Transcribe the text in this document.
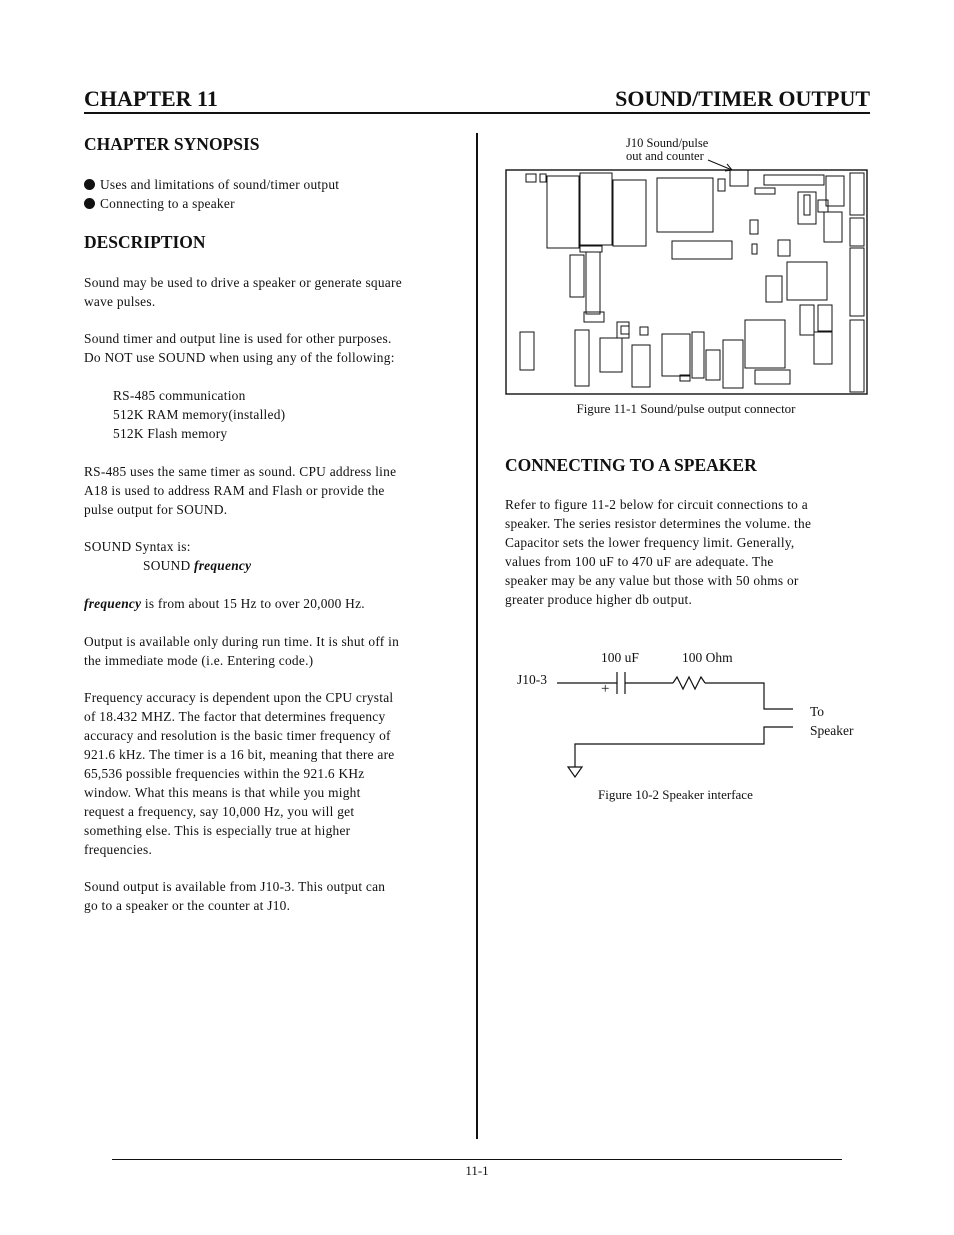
CHAPTER 11	SOUND/TIMER OUTPUT
CHAPTER SYNOPSIS
Uses and limitations of sound/timer output
Connecting to a speaker
DESCRIPTION
Sound may be used to drive a speaker or generate square
wave pulses.
Sound timer and output line is used for other purposes.
Do NOT use SOUND when using any of the following:
RS-485 communication
512K RAM memory(installed)
512K Flash memory
RS-485 uses the same timer as sound. CPU address line
A18 is used to address RAM and Flash or provide the
pulse output for SOUND.
SOUND Syntax is:
SOUND frequency
frequency is from about 15 Hz to over 20,000 Hz.
Output is available only during run time. It is shut off in
the immediate mode (i.e. Entering code.)
Frequency accuracy is dependent upon the CPU crystal
of 18.432 MHZ. The factor that determines frequency
accuracy and resolution is the basic timer frequency of
921.6 kHz. The timer is a 16 bit, meaning that there are
65,536 possible frequencies within the 921.6 KHz
window. What this means is that while you might
request a frequency, say 10,000 Hz, you will get
something else. This is especially true at higher
frequencies.
Sound output is available from J10-3. This output can
go to a speaker or the counter at J10.
J10 Sound/pulse
out and counter
Figure 11-1 Sound/pulse output connector
CONNECTING TO A SPEAKER
Refer to figure 11-2 below for circuit connections to a
speaker. The series resistor determines the volume. the
Capacitor sets the lower frequency limit. Generally,
values from 100 uF to 470 uF are adequate. The
speaker may be any value but those with 50 ohms or
greater produce higher db output.
J10-3
100 uF	100 Ohm
+
To
Speaker
Figure 10-2 Speaker interface
11-1
